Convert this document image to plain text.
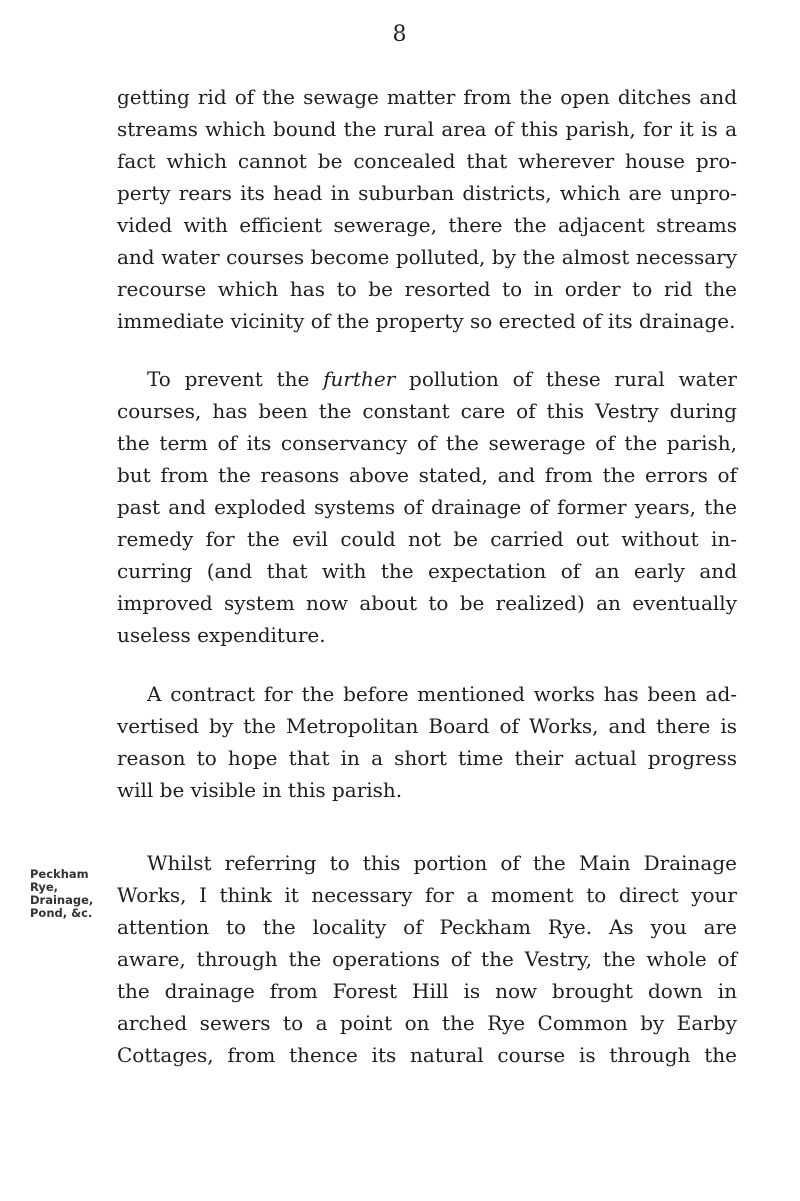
8
getting rid of the sewage matter from the open ditches and
streams which bound the rural area of this parish, for it is a
fact which cannot be concealed that wherever house pro-
perty rears its head in suburban districts, which are unpro-
vided with efficient sewerage, there the adjacent streams
and water courses become polluted, by the almost necessary
recourse which has to be resorted to in order to rid the
immediate vicinity of the property so erected of its drainage.
To prevent the further pollution of these rural water
courses, has been the constant care of this Vestry during
the term of its conservancy of the sewerage of the parish,
but from the reasons above stated, and from the errors of
past and exploded systems of drainage of former years, the
remedy for the evil could not be carried out without in-
curring (and that with the expectation of an early and
improved system now about to be realized) an eventually
useless expenditure.
A contract for the before mentioned works has been ad-
vertised by the Metropolitan Board of Works, and there is
reason to hope that in a short time their actual progress
will be visible in this parish.
Peckham
Rye,
Drainage,
Pond, &c.
Whilst referring to this portion of the Main Drainage
Works, I think it necessary for a moment to direct your
attention to the locality of Peckham Rye. As you are
aware, through the operations of the Vestry, the whole of
the drainage from Forest Hill is now brought down in
arched sewers to a point on the Rye Common by Earby
Cottages, from thence its natural course is through the
